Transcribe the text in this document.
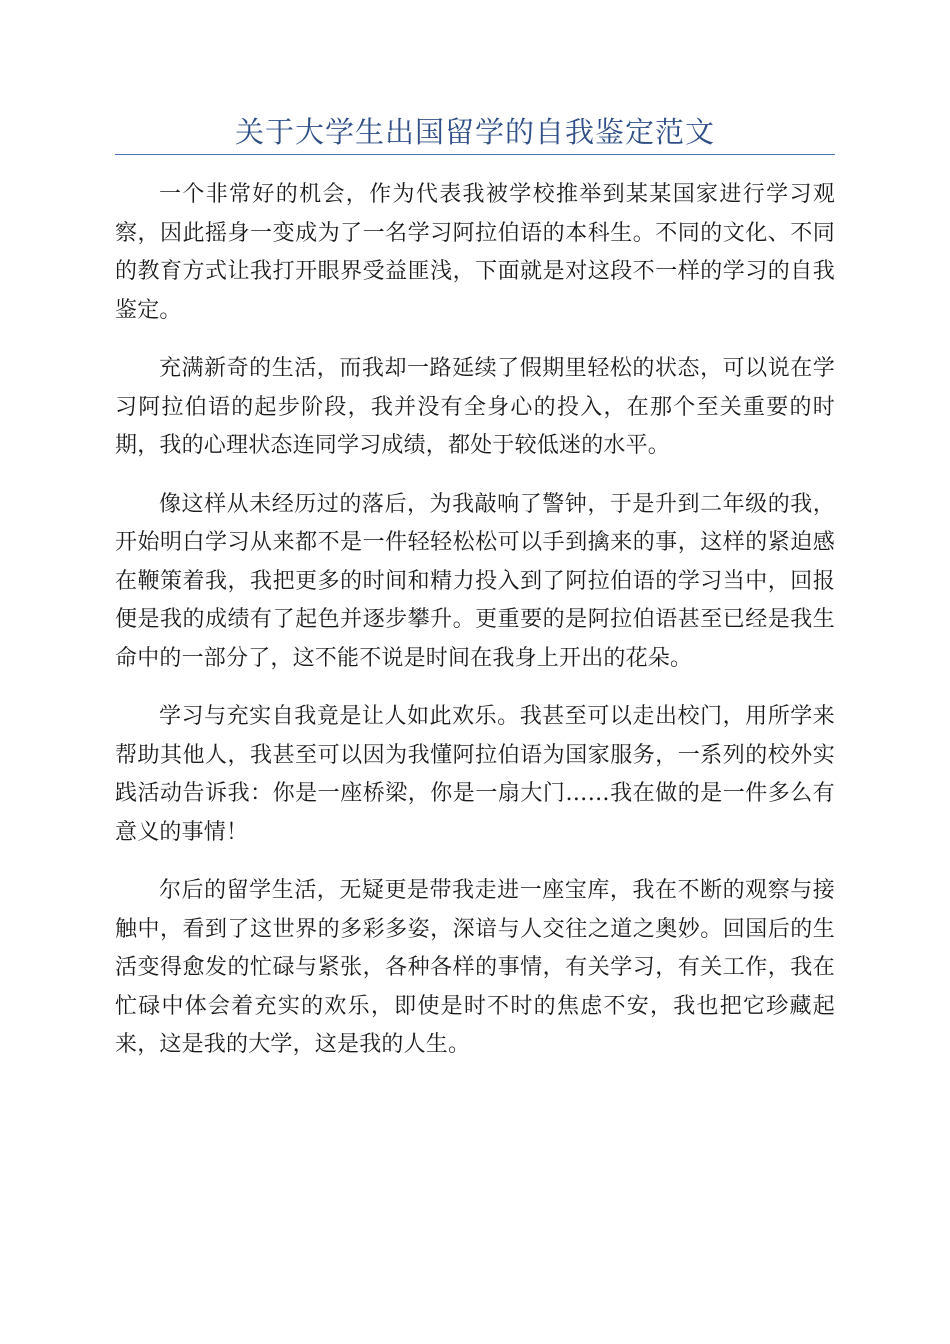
关于大学生出国留学的自我鉴定范文

一个非常好的机会，作为代表我被学校推举到某某国家进行学习观察，因此摇身一变成为了一名学习阿拉伯语的本科生。不同的文化、不同的教育方式让我打开眼界受益匪浅，下面就是对这段不一样的学习的自我鉴定。

充满新奇的生活，而我却一路延续了假期里轻松的状态，可以说在学习阿拉伯语的起步阶段，我并没有全身心的投入，在那个至关重要的时期，我的心理状态连同学习成绩，都处于较低迷的水平。

像这样从未经历过的落后，为我敲响了警钟，于是升到二年级的我，开始明白学习从来都不是一件轻轻松松可以手到擒来的事，这样的紧迫感在鞭策着我，我把更多的时间和精力投入到了阿拉伯语的学习当中，回报便是我的成绩有了起色并逐步攀升。更重要的是阿拉伯语甚至已经是我生命中的一部分了，这不能不说是时间在我身上开出的花朵。

学习与充实自我竟是让人如此欢乐。我甚至可以走出校门，用所学来帮助其他人，我甚至可以因为我懂阿拉伯语为国家服务，一系列的校外实践活动告诉我：你是一座桥梁，你是一扇大门……我在做的是一件多么有意义的事情！

尔后的留学生活，无疑更是带我走进一座宝库，我在不断的观察与接触中，看到了这世界的多彩多姿，深谙与人交往之道之奥妙。回国后的生活变得愈发的忙碌与紧张，各种各样的事情，有关学习，有关工作，我在忙碌中体会着充实的欢乐，即使是时不时的焦虑不安，我也把它珍藏起来，这是我的大学，这是我的人生。
